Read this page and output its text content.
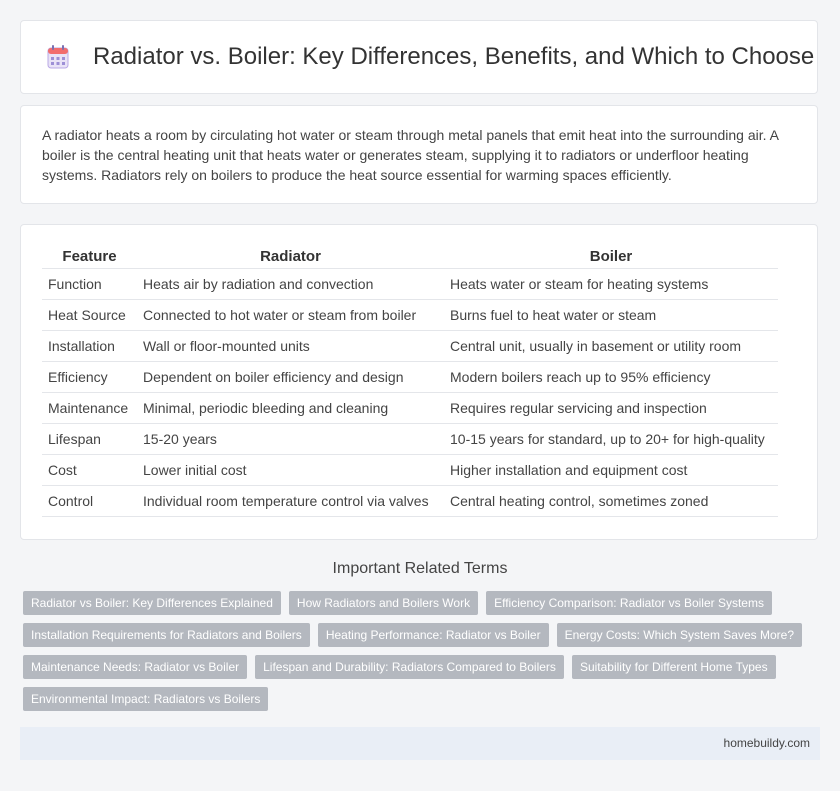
Radiator vs. Boiler: Key Differences, Benefits, and Which to Choose

A radiator heats a room by circulating hot water or steam through metal panels that emit heat into the surrounding air. A boiler is the central heating unit that heats water or generates steam, supplying it to radiators or underfloor heating systems. Radiators rely on boilers to produce the heat source essential for warming spaces efficiently.

Feature	Radiator	Boiler
Function	Heats air by radiation and convection	Heats water or steam for heating systems
Heat Source	Connected to hot water or steam from boiler	Burns fuel to heat water or steam
Installation	Wall or floor-mounted units	Central unit, usually in basement or utility room
Efficiency	Dependent on boiler efficiency and design	Modern boilers reach up to 95% efficiency
Maintenance	Minimal, periodic bleeding and cleaning	Requires regular servicing and inspection
Lifespan	15-20 years	10-15 years for standard, up to 20+ for high-quality
Cost	Lower initial cost	Higher installation and equipment cost
Control	Individual room temperature control via valves	Central heating control, sometimes zoned
Important Related Terms
Radiator vs Boiler: Key Differences Explained	How Radiators and Boilers Work	Efficiency Comparison: Radiator vs Boiler Systems
Installation Requirements for Radiators and Boilers	Heating Performance: Radiator vs Boiler	Energy Costs: Which System Saves More?
Maintenance Needs: Radiator vs Boiler	Lifespan and Durability: Radiators Compared to Boilers	Suitability for Different Home Types
Environmental Impact: Radiators vs Boilers
homebuildy.com
